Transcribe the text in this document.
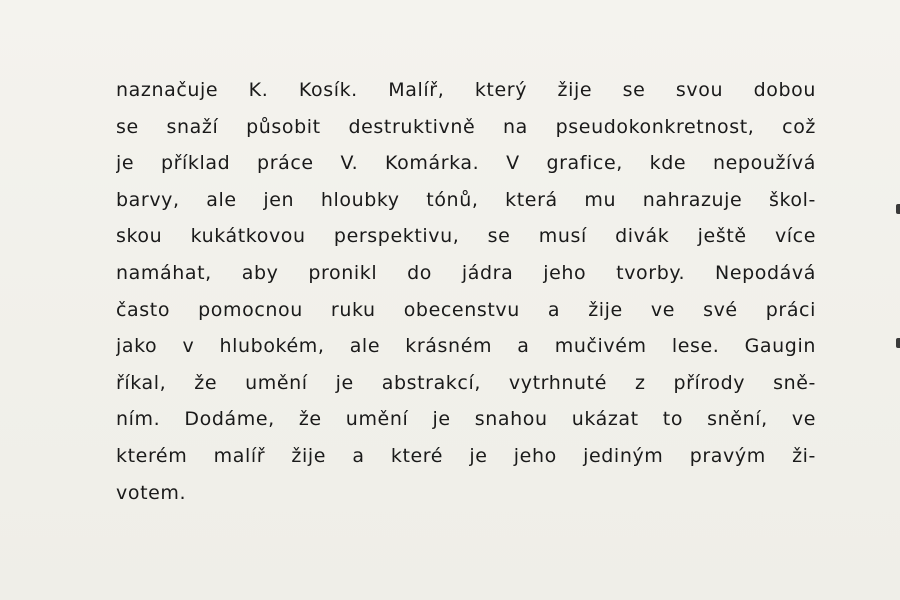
naznačuje K. Kosík. Malíř, který žije se svou dobou
se snaží působit destruktivně na pseudokonkretnost, což
je příklad práce V. Komárka. V grafice, kde nepoužívá
barvy, ale jen hloubky tónů, která mu nahrazuje škol-
skou kukátkovou perspektivu, se musí divák ještě více
namáhat, aby pronikl do jádra jeho tvorby. Nepodává
často pomocnou ruku obecenstvu a žije ve své práci
jako v hlubokém, ale krásném a mučivém lese. Gaugin
říkal, že umění je abstrakcí, vytrhnuté z přírody sně-
ním. Dodáme, že umění je snahou ukázat to snění, ve
kterém malíř žije a které je jeho jediným pravým ži-
votem.
